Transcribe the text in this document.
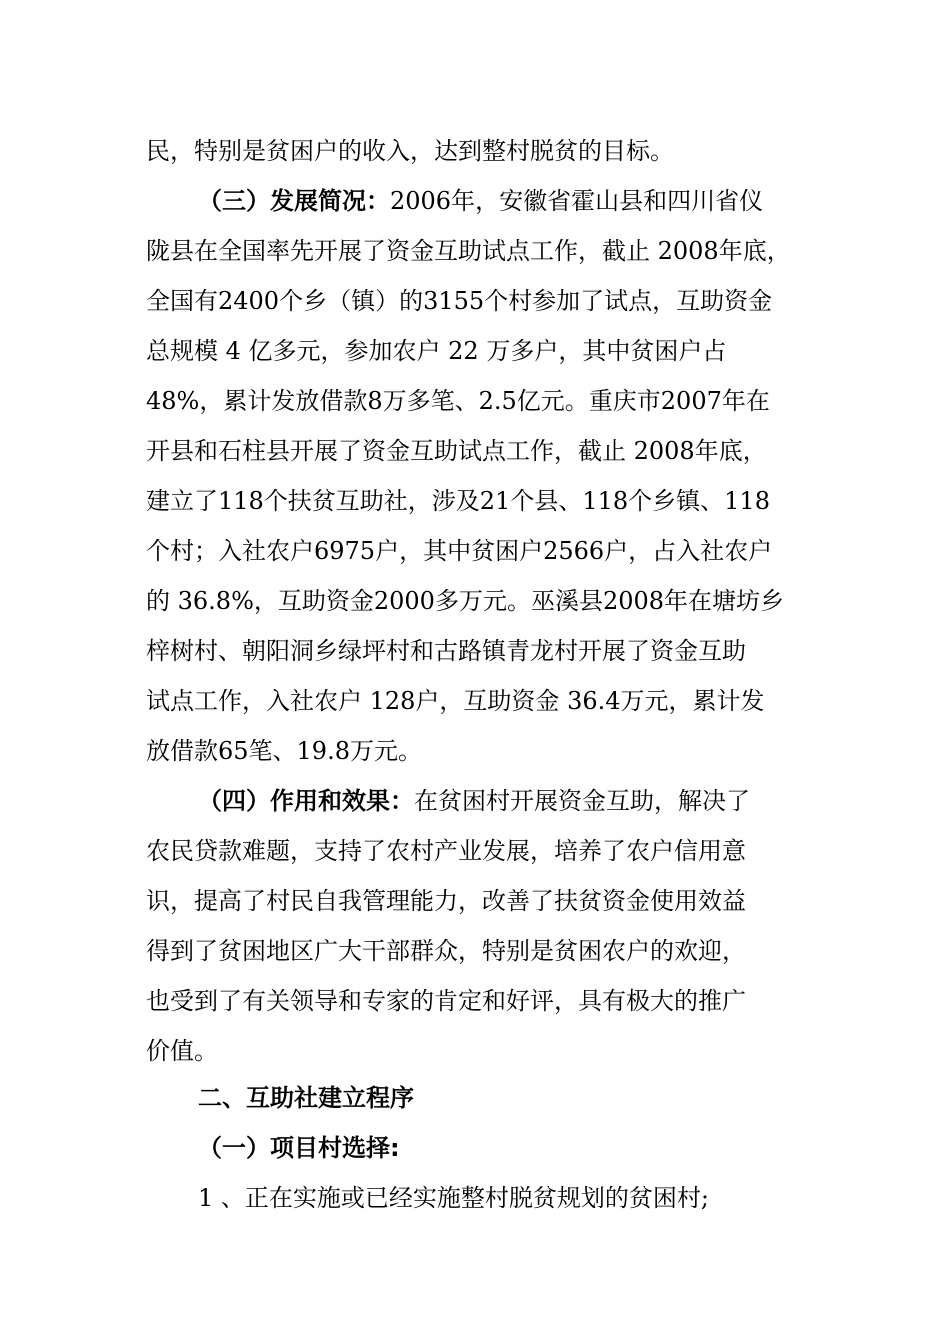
民，特别是贫困户的收入，达到整村脱贫的目标。
（三）发展简况：2006年，安徽省霍山县和四川省仪
陇县在全国率先开展了资金互助试点工作，截止 2008年底，
全国有2400个乡（镇）的3155个村参加了试点，互助资金
总规模 4 亿多元，参加农户 22 万多户，其中贫困户占
48%，累计发放借款8万多笔、2.5亿元。重庆市2007年在
开县和石柱县开展了资金互助试点工作，截止 2008年底，
建立了118个扶贫互助社，涉及21个县、118个乡镇、118
个村；入社农户6975户，其中贫困户2566户，占入社农户
的 36.8%，互助资金2000多万元。巫溪县2008年在塘坊乡
梓树村、朝阳洞乡绿坪村和古路镇青龙村开展了资金互助
试点工作，入社农户 128户，互助资金 36.4万元，累计发
放借款65笔、19.8万元。
（四）作用和效果：在贫困村开展资金互助，解决了
农民贷款难题，支持了农村产业发展，培养了农户信用意
识，提高了村民自我管理能力，改善了扶贫资金使用效益
得到了贫困地区广大干部群众，特别是贫困农户的欢迎，
也受到了有关领导和专家的肯定和好评，具有极大的推广
价值。
二、互助社建立程序
（一）项目村选择:
1 、正在实施或已经实施整村脱贫规划的贫困村;
